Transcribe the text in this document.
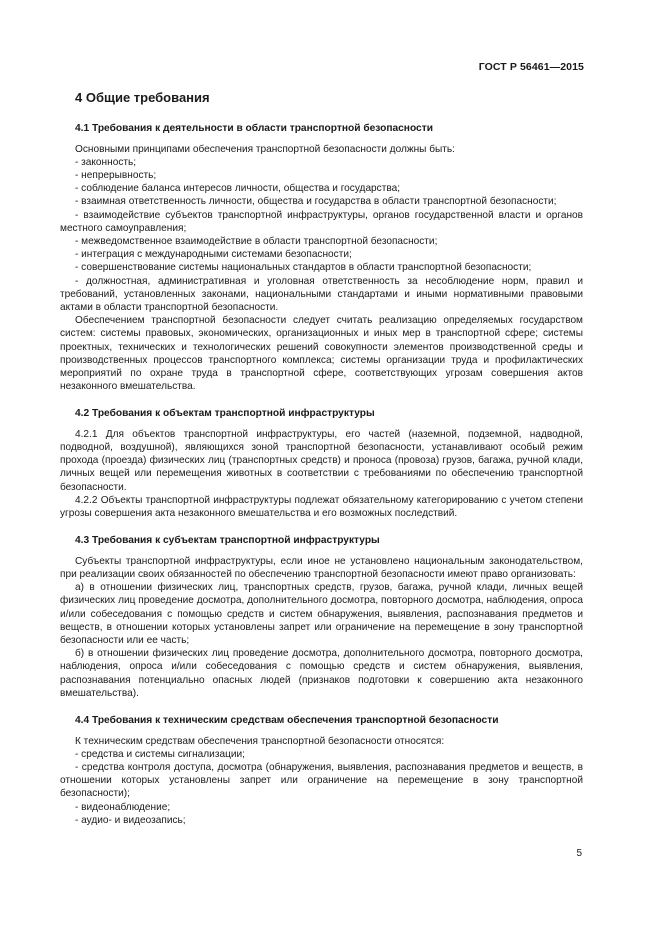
ГОСТ Р 56461—2015
4 Общие требования
4.1 Требования к деятельности в области транспортной безопасности

Основными принципами обеспечения транспортной безопасности должны быть:

- законность;
- непрерывность;
- соблюдение баланса интересов личности, общества и государства;
- взаимная ответственность личности, общества и государства в области транспортной безопасности;
- взаимодействие субъектов транспортной инфраструктуры, органов государственной власти и органов местного самоуправления;
- межведомственное взаимодействие в области транспортной безопасности;
- интеграция с международными системами безопасности;
- совершенствование системы национальных стандартов в области транспортной безопасности;
- должностная, административная и уголовная ответственность за несоблюдение норм, правил и требований, установленных законами, национальными стандартами и иными нормативными правовыми актами в области транспортной безопасности.

Обеспечением транспортной безопасности следует считать реализацию определяемых государством систем: системы правовых, экономических, организационных и иных мер в транспортной сфере; системы проектных, технических и технологических решений совокупности элементов производственной среды и производственных процессов транспортного комплекса; системы организации труда и профилактических мероприятий по охране труда в транспортной сфере, соответствующих угрозам совершения актов незаконного вмешательства.

4.2 Требования к объектам транспортной инфраструктуры

4.2.1 Для объектов транспортной инфраструктуры, его частей (наземной, подземной, надводной, подводной, воздушной), являющихся зоной транспортной безопасности, устанавливают особый режим прохода (проезда) физических лиц (транспортных средств) и проноса (провоза) грузов, багажа, ручной клади, личных вещей или перемещения животных в соответствии с требованиями по обеспечению транспортной безопасности.

4.2.2 Объекты транспортной инфраструктуры подлежат обязательному категорированию с учетом степени угрозы совершения акта незаконного вмешательства и его возможных последствий.

4.3 Требования к субъектам транспортной инфраструктуры

Субъекты транспортной инфраструктуры, если иное не установлено национальным законодательством, при реализации своих обязанностей по обеспечению транспортной безопасности имеют право организовать:

а) в отношении физических лиц, транспортных средств, грузов, багажа, ручной клади, личных вещей физических лиц проведение досмотра, дополнительного досмотра, повторного досмотра, наблюдения, опроса и/или собеседования с помощью средств и систем обнаружения, выявления, распознавания предметов и веществ, в отношении которых установлены запрет или ограничение на перемещение в зону транспортной безопасности или ее часть;

б) в отношении физических лиц проведение досмотра, дополнительного досмотра, повторного досмотра, наблюдения, опроса и/или собеседования с помощью средств и систем обнаружения, выявления, распознавания потенциально опасных людей (признаков подготовки к совершению акта незаконного вмешательства).

4.4 Требования к техническим средствам обеспечения транспортной безопасности

К техническим средствам обеспечения транспортной безопасности относятся:

- средства и системы сигнализации;
- средства контроля доступа, досмотра (обнаружения, выявления, распознавания предметов и веществ, в отношении которых установлены запрет или ограничение на перемещение в зону транспортной безопасности);
- видеонаблюдение;
- аудио- и видеозапись;
5
